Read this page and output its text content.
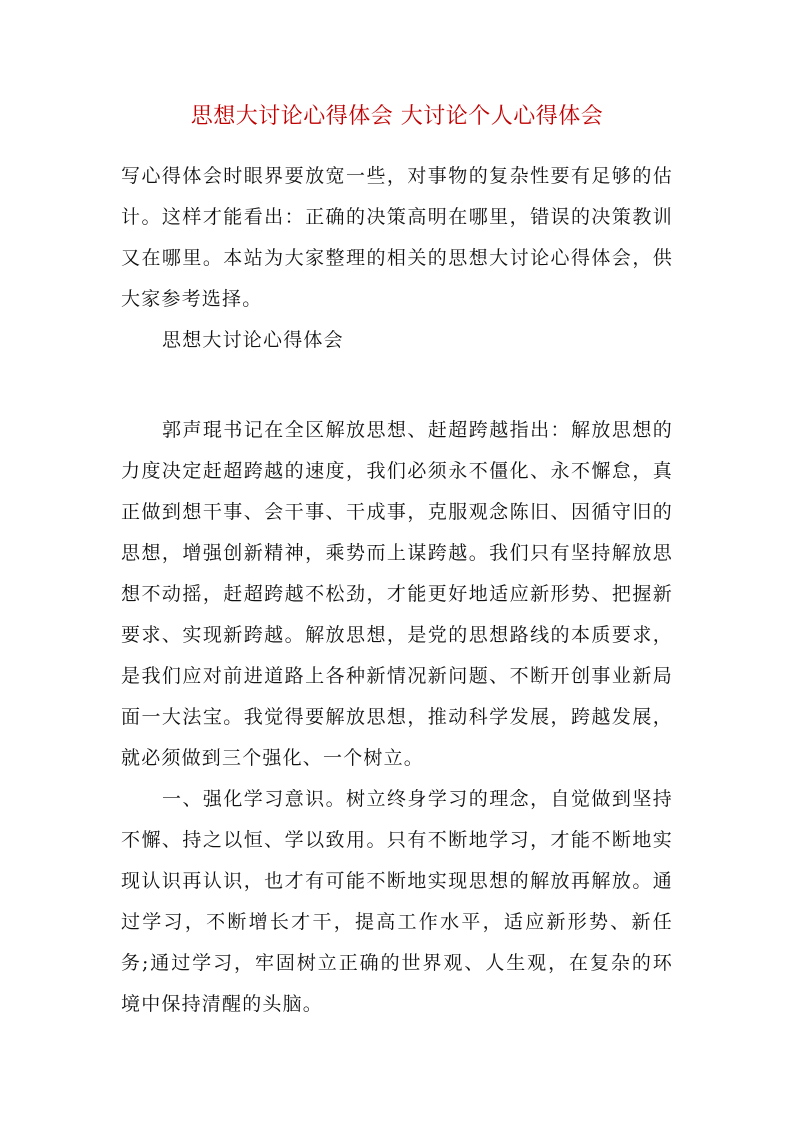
思想大讨论心得体会 大讨论个人心得体会
写心得体会时眼界要放宽一些，对事物的复杂性要有足够的估计。这样才能看出：正确的决策高明在哪里，错误的决策教训又在哪里。本站为大家整理的相关的思想大讨论心得体会，供大家参考选择。
思想大讨论心得体会
郭声琨书记在全区解放思想、赶超跨越指出：解放思想的力度决定赶超跨越的速度，我们必须永不僵化、永不懈怠，真正做到想干事、会干事、干成事，克服观念陈旧、因循守旧的思想，增强创新精神，乘势而上谋跨越。我们只有坚持解放思想不动摇，赶超跨越不松劲，才能更好地适应新形势、把握新要求、实现新跨越。解放思想，是党的思想路线的本质要求，是我们应对前进道路上各种新情况新问题、不断开创事业新局面一大法宝。我觉得要解放思想，推动科学发展，跨越发展，就必须做到三个强化、一个树立。
一、强化学习意识。树立终身学习的理念，自觉做到坚持不懈、持之以恒、学以致用。只有不断地学习，才能不断地实现认识再认识，也才有可能不断地实现思想的解放再解放。通过学习，不断增长才干，提高工作水平，适应新形势、新任务;通过学习，牢固树立正确的世界观、人生观，在复杂的环境中保持清醒的头脑。
